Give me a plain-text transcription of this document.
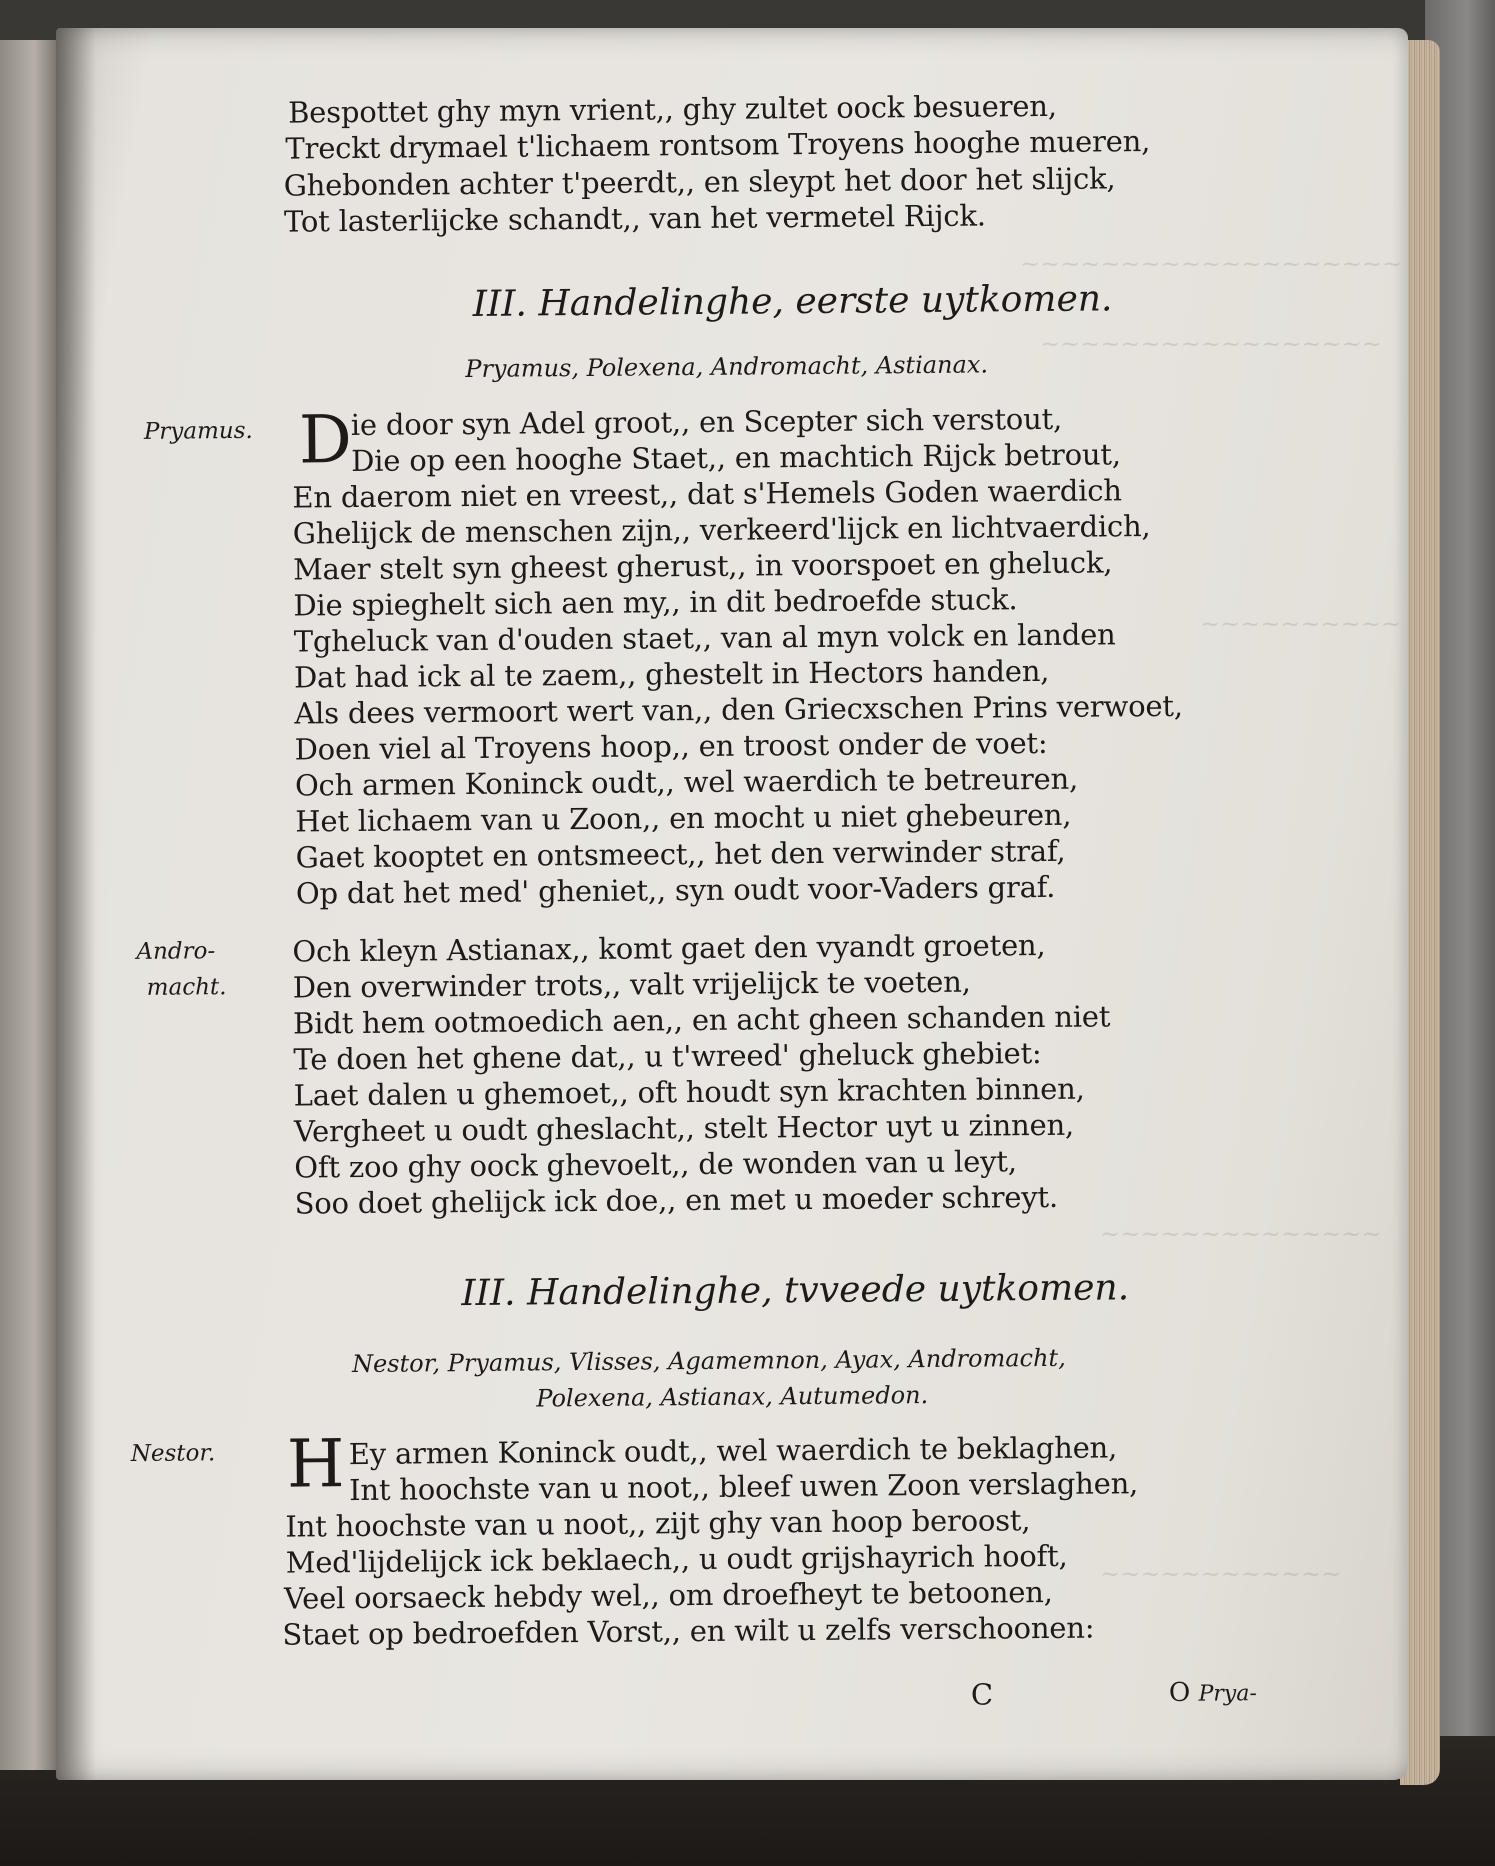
~~~~~~~~~~~~~~~~~~~
~~~~~~~~~~~~~~~~~
~~~~~~~~~~
~~~~~~~~~~~~~~
~~~~~~~~~~~~
Bespottet ghy myn vrient,, ghy zultet oock besueren,
Treckt drymael t'lichaem rontsom Troyens hooghe mueren,
Ghebonden achter t'peerdt,, en sleypt het door het slijck,
Tot lasterlijcke schandt,, van het vermetel Rijck.
III. Handelinghe, eerste uytkomen.
Pryamus, Polexena, Andromacht, Astianax.
Pryamus. D
ie door syn Adel groot,, en Scepter sich verstout,
Die op een hooghe Staet,, en machtich Rijck betrout,
En daerom niet en vreest,, dat s'Hemels Goden waerdich
Ghelijck de menschen zijn,, verkeerd'lijck en lichtvaerdich,
Maer stelt syn gheest gherust,, in voorspoet en gheluck,
Die spieghelt sich aen my,, in dit bedroefde stuck.
Tgheluck van d'ouden staet,, van al myn volck en landen
Dat had ick al te zaem,, ghestelt in Hectors handen,
Als dees vermoort wert van,, den Griecxschen Prins verwoet,
Doen viel al Troyens hoop,, en troost onder de voet:
Och armen Koninck oudt,, wel waerdich te betreuren,
Het lichaem van u Zoon,, en mocht u niet ghebeuren,
Gaet kooptet en ontsmeect,, het den verwinder straf,
Op dat het med' gheniet,, syn oudt voor-Vaders graf.
Andro-
macht.
Och kleyn Astianax,, komt gaet den vyandt groeten,
Den overwinder trots,, valt vrijelijck te voeten,
Bidt hem ootmoedich aen,, en acht gheen schanden niet
Te doen het ghene dat,, u t'wreed' gheluck ghebiet:
Laet dalen u ghemoet,, oft houdt syn krachten binnen,
Vergheet u oudt gheslacht,, stelt Hector uyt u zinnen,
Oft zoo ghy oock ghevoelt,, de wonden van u leyt,
Soo doet ghelijck ick doe,, en met u moeder schreyt.
III. Handelinghe, tvveede uytkomen.
Nestor, Pryamus, Vlisses, Agamemnon, Ayax, Andromacht,
Polexena, Astianax, Autumedon.
Nestor. H Ey armen Koninck oudt,, wel waerdich te beklaghen,
Int hoochste van u noot,, bleef uwen Zoon verslaghen,
Int hoochste van u noot,, zijt ghy van hoop beroost,
Med'lijdelijck ick beklaech,, u oudt grijshayrich hooft,
Veel oorsaeck hebdy wel,, om droefheyt te betoonen,
Staet op bedroefden Vorst,, en wilt u zelfs verschoonen:
C	O Prya-
